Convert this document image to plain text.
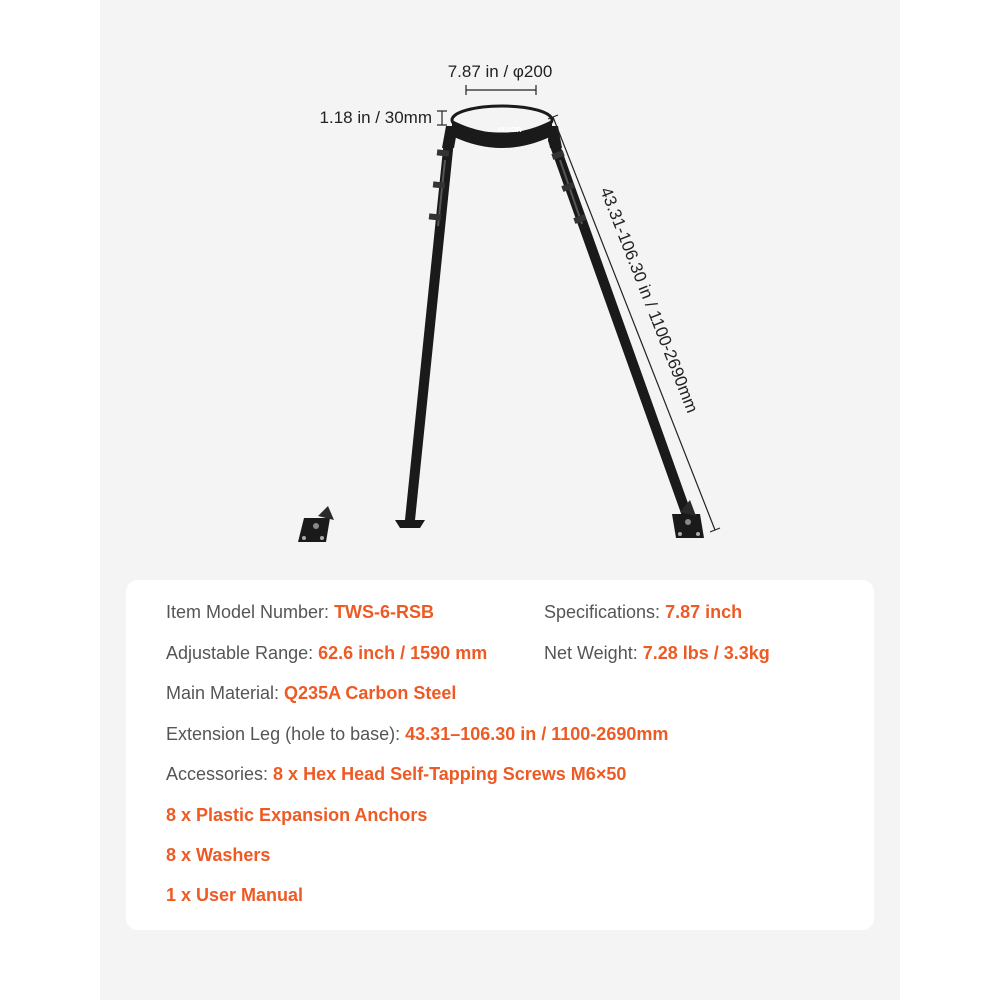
VEVOR
7.87 in / φ200
1.18 in / 30mm
43.31-106.30 in / 1100-2690mm
Item Model Number: TWS-6-RSB	Specifications: 7.87 inch
Adjustable Range: 62.6 inch / 1590 mm	Net Weight: 7.28 lbs / 3.3kg
Main Material: Q235A Carbon Steel
Extension Leg (hole to base): 43.31–106.30 in / 1100-2690mm
Accessories: 8 x Hex Head Self-Tapping Screws M6×50
8 x Plastic Expansion Anchors
8 x Washers
1 x User Manual
